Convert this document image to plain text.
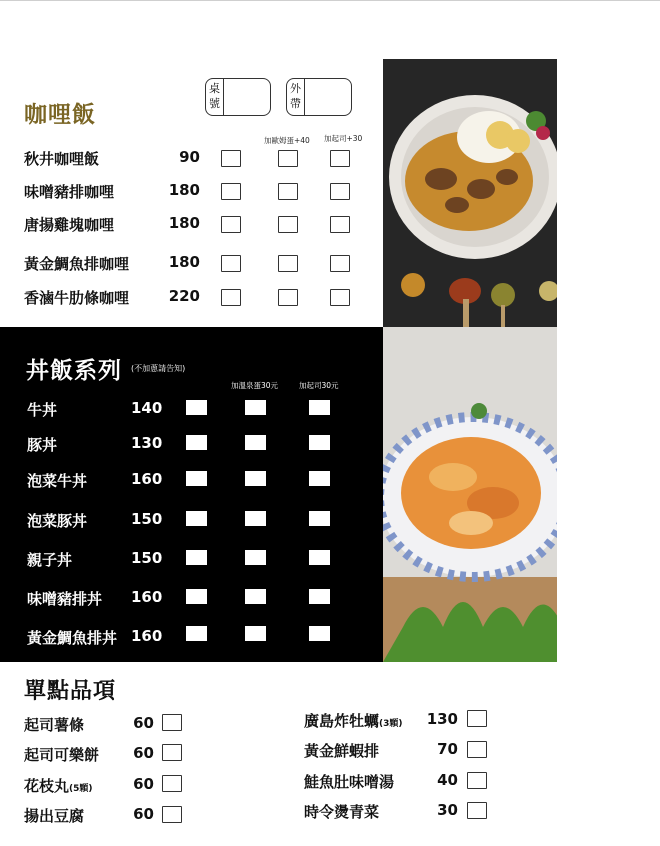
咖哩飯
桌號
外帶
加歐姆蛋+40 加起司+30
秋井咖哩飯	90
味噌豬排咖哩	180
唐揚雞塊咖哩	180
黃金鯛魚排咖哩	180
香滷牛肋條咖哩	220
丼飯系列 (不加蔥請告知)
加溫泉蛋30元	加起司30元
牛丼	140
豚丼	130
泡菜牛丼	160
泡菜豚丼	150
親子丼	150
味噌豬排丼 160
黃金鯛魚排丼 160
單點品項
起司薯條	60
起司可樂餅	60
花枝丸(5顆)	60
揚出豆腐	60
廣島炸牡蠣(3顆)	130
黃金鮮蝦排	70
鮭魚肚味噌湯	40
時令燙青菜	30
